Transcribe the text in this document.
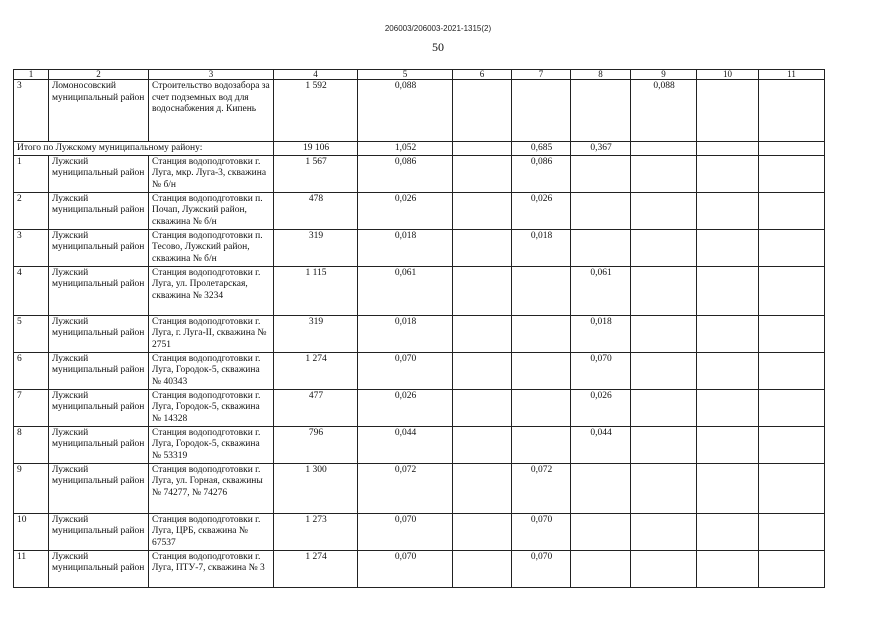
206003/206003-2021-1315(2)
50
1	2	3	4	5	6	7	8	9	10	11
3	Ломоносовский муниципальный район	Строительство водозабора за счет подземных вод для водоснабжения д. Кипень	1 592	0,088				0,088		
Итого по Лужскому муниципальному району:			19 106	1,052		0,685	0,367			
1	Лужский муниципальный район	Станция водоподготовки г. Луга, мкр. Луга-3, скважина № б/н	1 567	0,086		0,086				
2	Лужский муниципальный район	Станция водоподготовки п. Почап, Лужский район, скважина № б/н	478	0,026		0,026				
3	Лужский муниципальный район	Станция водоподготовки п. Тесово, Лужский район, скважина № б/н	319	0,018		0,018				
4	Лужский муниципальный район	Станция водоподготовки г. Луга, ул. Пролетарская, скважина № 3234	1 115	0,061			0,061			
5	Лужский муниципальный район	Станция водоподготовки г. Луга, г. Луга-II, скважина № 2751	319	0,018			0,018			
6	Лужский муниципальный район	Станция водоподготовки г. Луга, Городок-5, скважина № 40343	1 274	0,070			0,070			
7	Лужский муниципальный район	Станция водоподготовки г. Луга, Городок-5, скважина № 14328	477	0,026			0,026			
8	Лужский муниципальный район	Станция водоподготовки г. Луга, Городок-5, скважина № 53319	796	0,044			0,044			
9	Лужский муниципальный район	Станция водоподготовки г. Луга, ул. Горная, скважины № 74277, № 74276	1 300	0,072		0,072				
10	Лужский муниципальный район	Станция водоподготовки г. Луга, ЦРБ, скважина № 67537	1 273	0,070		0,070				
11	Лужский муниципальный район	Станция водоподготовки г. Луга, ПТУ-7, скважина № 3	1 274	0,070		0,070				
